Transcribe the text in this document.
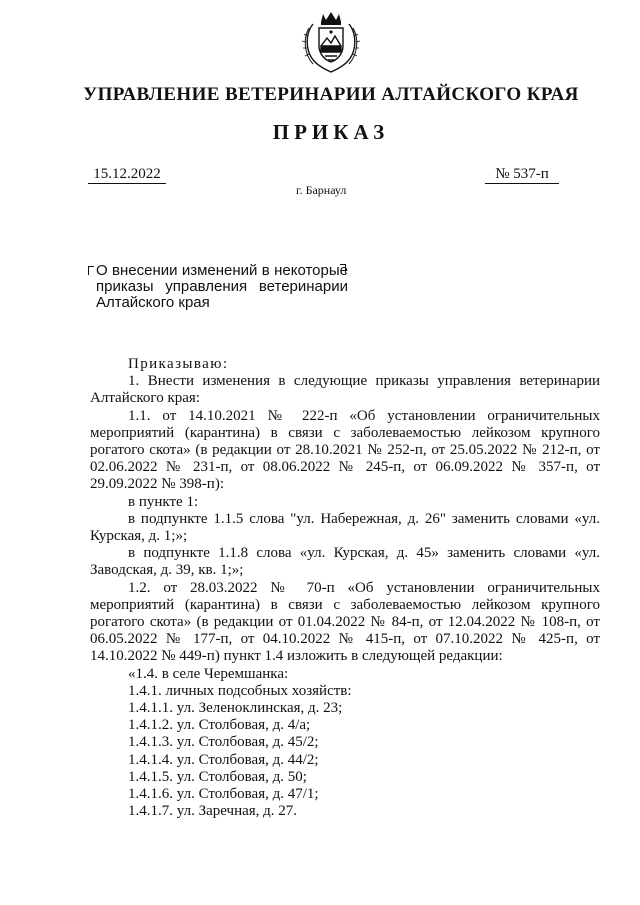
УПРАВЛЕНИЕ ВЕТЕРИНАРИИ АЛТАЙСКОГО КРАЯ
ПРИКАЗ
15.12.2022	№ 537-п
г. Барнаул
О внесении изменений в некоторые
приказы управления ветеринарии
Алтайского края
Приказываю:
1. Внести изменения в следующие приказы управления ветеринарии Алтайского края:
1.1. от 14.10.2021 № 222-п «Об установлении ограничительных мероприятий (карантина) в связи с заболеваемостью лейкозом крупного рогатого скота» (в редакции от 28.10.2021 № 252-п, от 25.05.2022 № 212-п, от 02.06.2022 № 231-п, от 08.06.2022 № 245-п, от 06.09.2022 № 357-п, от 29.09.2022 № 398-п):
в пункте 1:
в подпункте 1.1.5 слова "ул. Набережная, д. 26" заменить словами «ул. Курская, д. 1;»;
в подпункте 1.1.8 слова «ул. Курская, д. 45» заменить словами «ул. Заводская, д. 39, кв. 1;»;
1.2. от 28.03.2022 № 70-п «Об установлении ограничительных мероприятий (карантина) в связи с заболеваемостью лейкозом крупного рогатого скота» (в редакции от 01.04.2022 № 84-п, от 12.04.2022 № 108-п, от 06.05.2022 № 177-п, от 04.10.2022 № 415-п, от 07.10.2022 № 425-п, от 14.10.2022 № 449-п) пункт 1.4 изложить в следующей редакции:
«1.4. в селе Черемшанка:
1.4.1. личных подсобных хозяйств:
1.4.1.1. ул. Зеленоклинская, д. 23;
1.4.1.2. ул. Столбовая, д. 4/а;
1.4.1.3. ул. Столбовая, д. 45/2;
1.4.1.4. ул. Столбовая, д. 44/2;
1.4.1.5. ул. Столбовая, д. 50;
1.4.1.6. ул. Столбовая, д. 47/1;
1.4.1.7. ул. Заречная, д. 27.
